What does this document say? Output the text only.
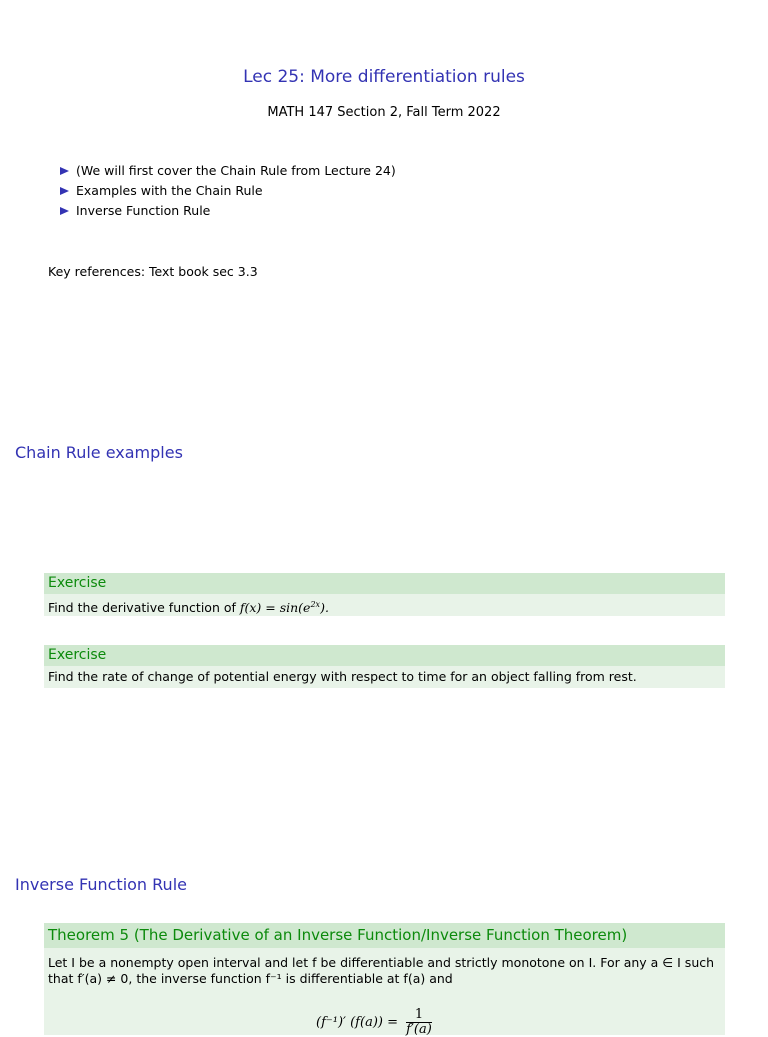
Lec 25: More differentiation rules
MATH 147 Section 2, Fall Term 2022
(We will first cover the Chain Rule from Lecture 24)
Examples with the Chain Rule
Inverse Function Rule
Key references: Text book sec 3.3
Chain Rule examples
Exercise
Find the derivative function of $f(x) = \sin(e^{2x})$.
Exercise
Find the rate of change of potential energy with respect to time for an object falling from rest.
Inverse Function Rule
Theorem 5 (The Derivative of an Inverse Function/Inverse Function Theorem)
Let I be a nonempty open interval and let f be differentiable and strictly monotone on I. For any a ∈ I such
that f′(a) ≠ 0, the inverse function f⁻¹ is differentiable at f(a) and
(f⁻¹)′ $(f(a)) = \frac{1}{f'(a)}$
